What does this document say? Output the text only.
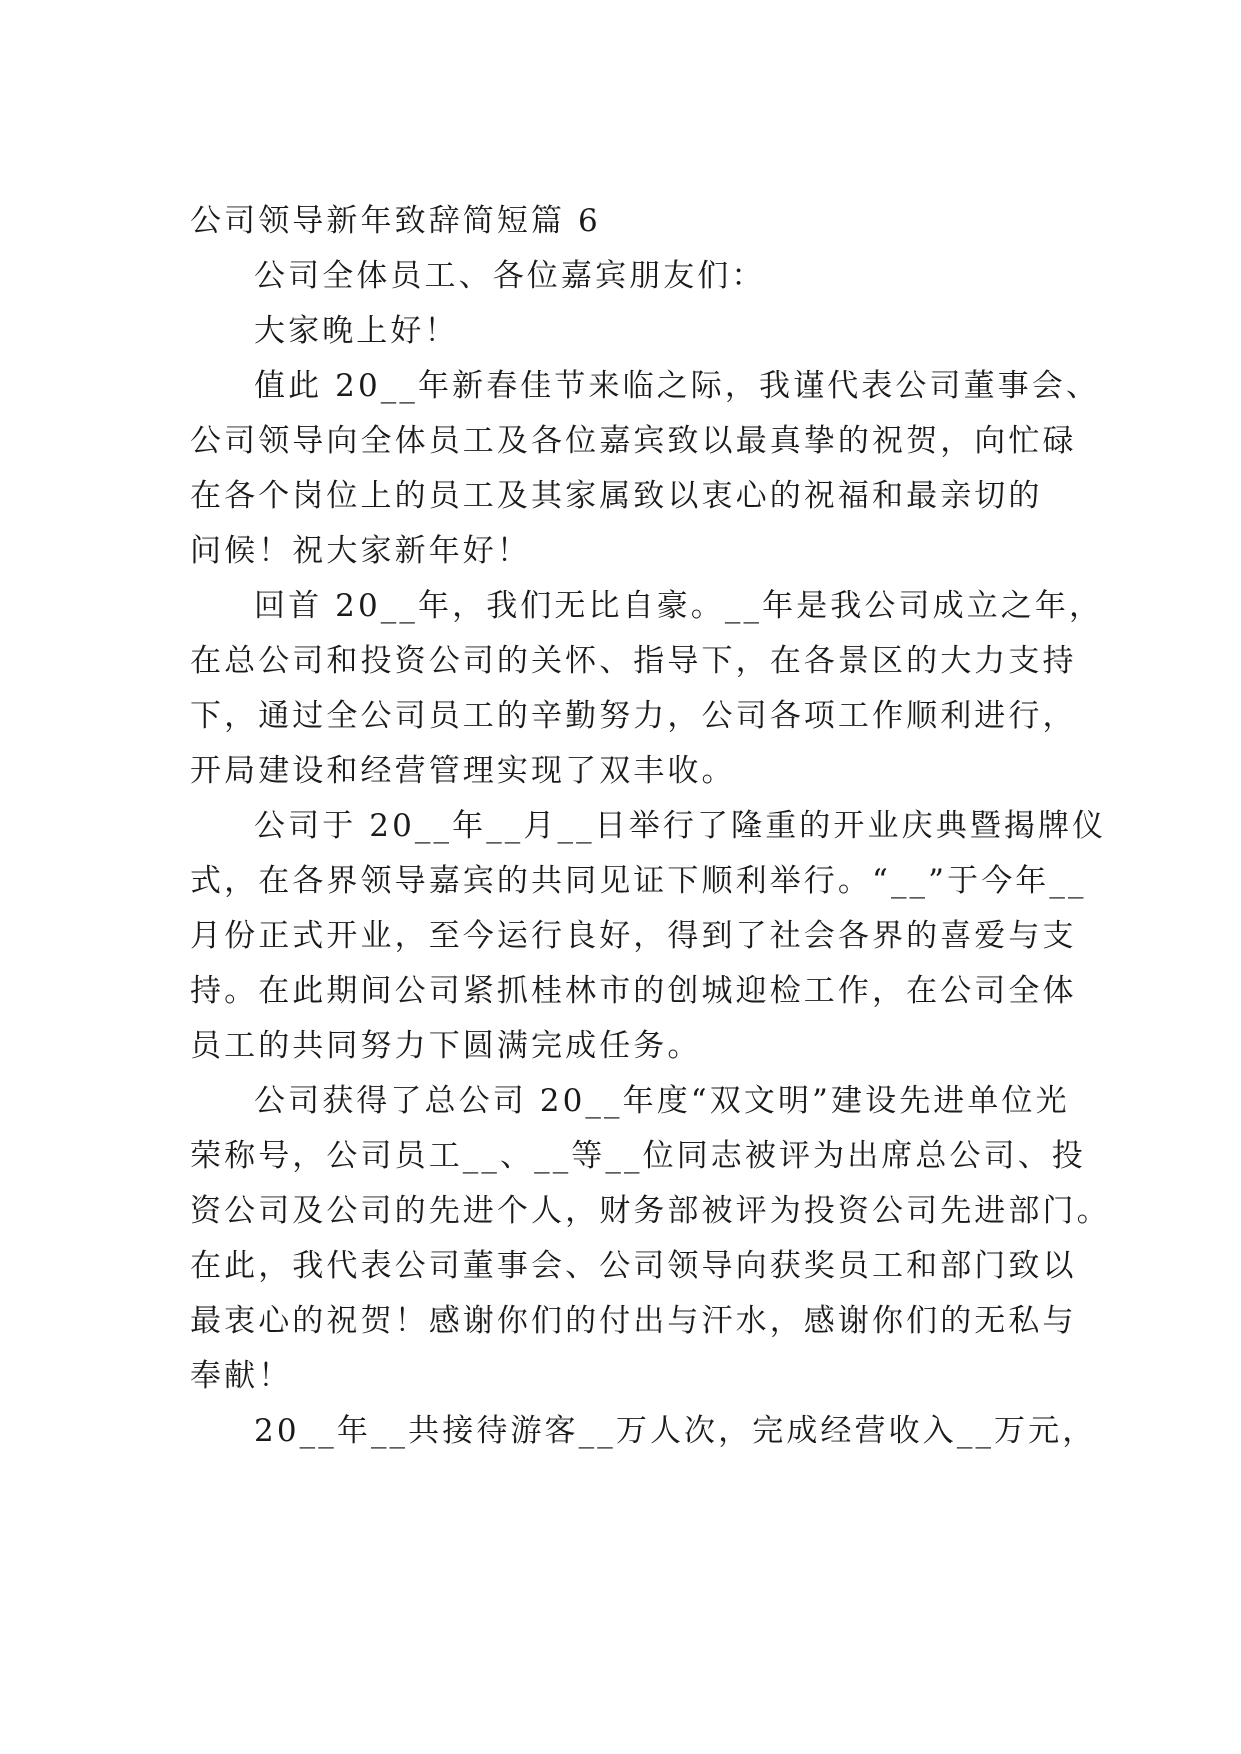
公司领导新年致辞简短篇 6
公司全体员工、各位嘉宾朋友们：
大家晚上好！
值此 20__年新春佳节来临之际，我谨代表公司董事会、
公司领导向全体员工及各位嘉宾致以最真挚的祝贺，向忙碌
在各个岗位上的员工及其家属致以衷心的祝福和最亲切的
问候！祝大家新年好！
回首 20__年，我们无比自豪。__年是我公司成立之年，
在总公司和投资公司的关怀、指导下，在各景区的大力支持
下，通过全公司员工的辛勤努力，公司各项工作顺利进行，
开局建设和经营管理实现了双丰收。
公司于 20__年__月__日举行了隆重的开业庆典暨揭牌仪
式，在各界领导嘉宾的共同见证下顺利举行。“__”于今年__
月份正式开业，至今运行良好，得到了社会各界的喜爱与支
持。在此期间公司紧抓桂林市的创城迎检工作，在公司全体
员工的共同努力下圆满完成任务。
公司获得了总公司 20__年度“双文明”建设先进单位光
荣称号，公司员工__、__等__位同志被评为出席总公司、投
资公司及公司的先进个人，财务部被评为投资公司先进部门。
在此，我代表公司董事会、公司领导向获奖员工和部门致以
最衷心的祝贺！感谢你们的付出与汗水，感谢你们的无私与
奉献！
20__年__共接待游客__万人次，完成经营收入__万元，
